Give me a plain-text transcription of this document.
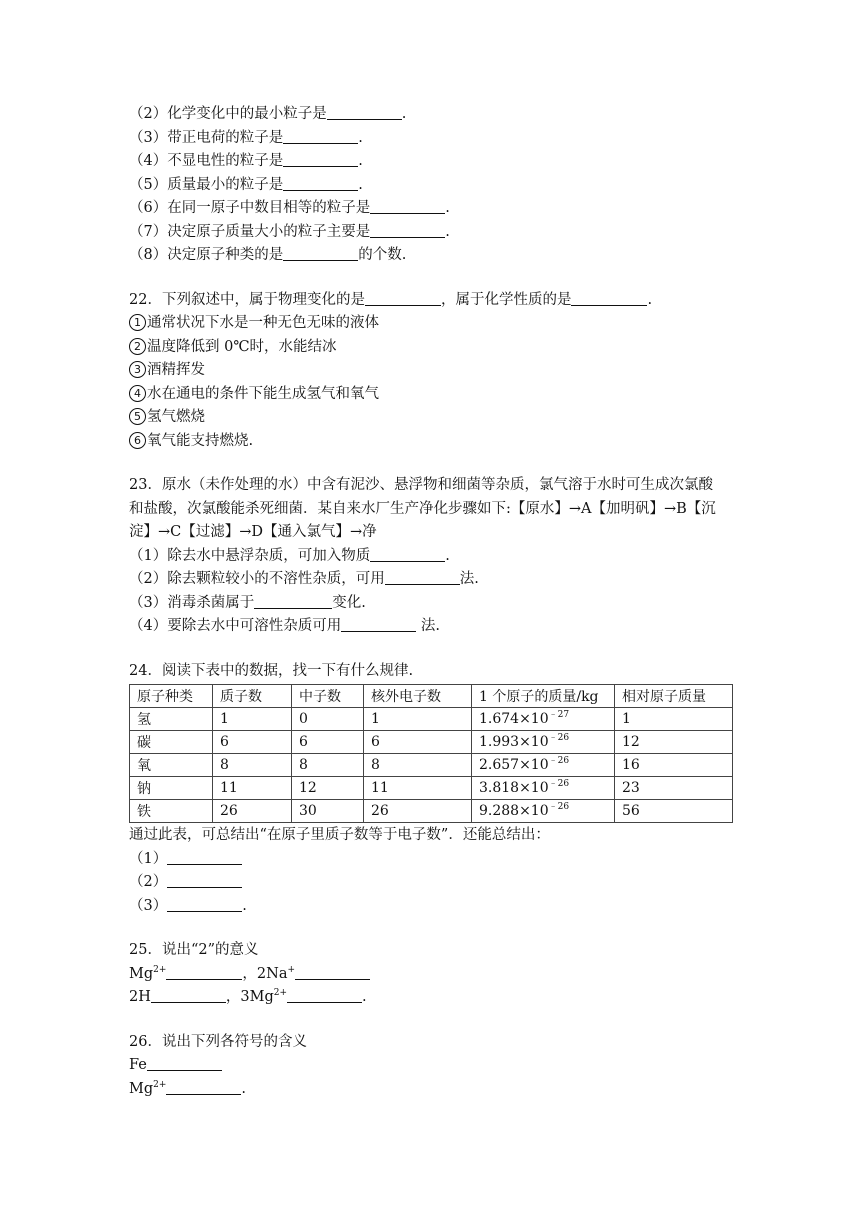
（2）化学变化中的最小粒子是	.
（3）带正电荷的粒子是	.
（4）不显电性的粒子是	.
（5）质量最小的粒子是	.
（6）在同一原子中数目相等的粒子是	.
（7）决定原子质量大小的粒子主要是	.
（8）决定原子种类的是	的个数.
22．下列叙述中，属于物理变化的是	，属于化学性质的是	.
1 通常状况下水是一种无色无味的液体
2 温度降低到 0℃时，水能结冰
3 酒精挥发
4 水在通电的条件下能生成氢气和氧气
5 氢气燃烧
6 氧气能支持燃烧.
23．原水（未作处理的水）中含有泥沙、悬浮物和细菌等杂质，氯气溶于水时可生成次氯酸
和盐酸，次氯酸能杀死细菌．某自来水厂生产净化步骤如下:【原水】→A【加明矾】→B【沉
淀】→C【过滤】→D【通入氯气】→净
（1）除去水中悬浮杂质，可加入物质	.
（2）除去颗粒较小的不溶性杂质，可用	法.
（3）消毒杀菌属于	变化.
（4）要除去水中可溶性杂质可用	法.
24．阅读下表中的数据，找一下有什么规律.
原子种类	质子数	中子数	核外电子数	1 个原子的质量/kg	相对原子质量
氢	1	0	1	$1.674\times 10^{﹣27}$	1
碳	6	6	6	$1.993\times 10^{﹣26}$	12
氧	8	8	8	$2.657\times 10^{﹣26}$	16
钠	11	12	11	$3.818\times 10^{﹣26}$	23
铁	26	30	26	$9.288\times 10^{﹣26}$	56
通过此表，可总结出“在原子里质子数等于电子数”．还能总结出：
（1）
（2）
（3）	.
25．说出“2”的意义
$Mg^{2+}$	，2Na+
2H	，$3Mg^{2+}$	.
26．说出下列各符号的含义
Fe
$Mg^{2+}$	.
